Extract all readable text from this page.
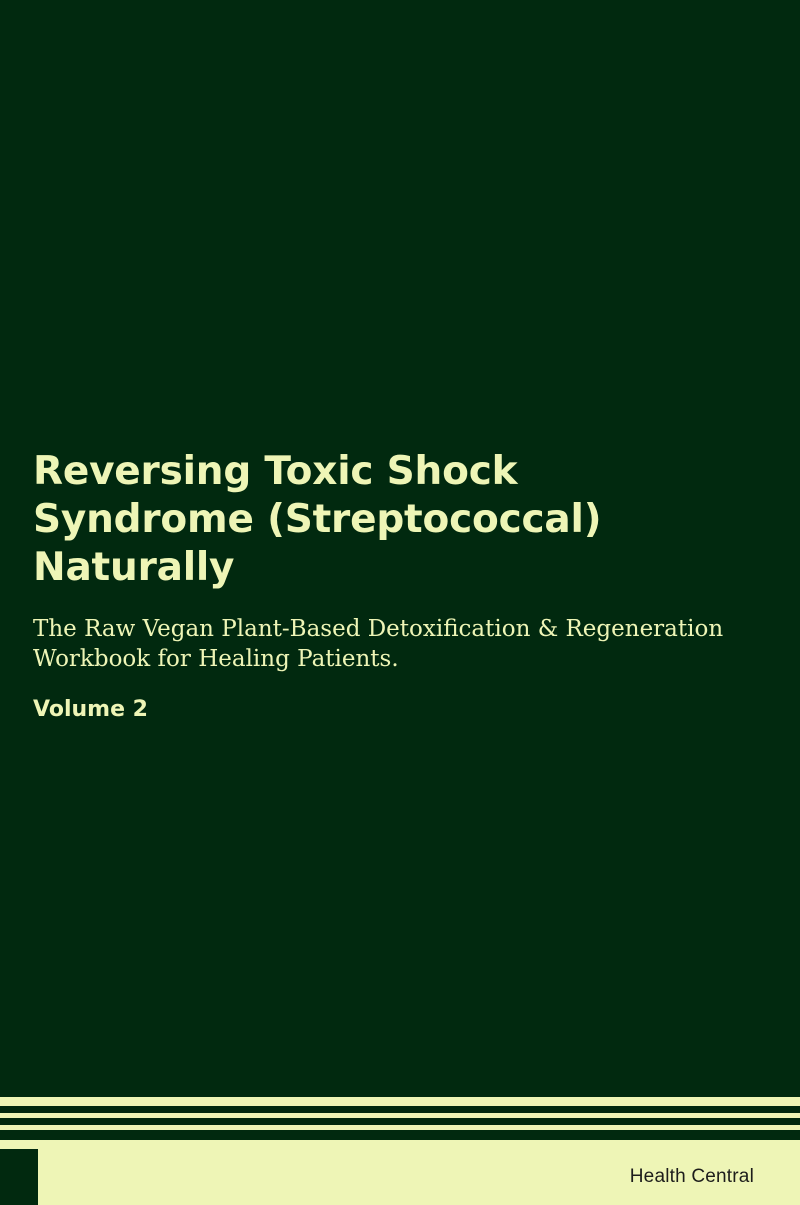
Reversing Toxic Shock Syndrome (Streptococcal) Naturally

The Raw Vegan Plant-Based Detoxification & Regeneration Workbook for Healing Patients.

Volume 2

Health Central
